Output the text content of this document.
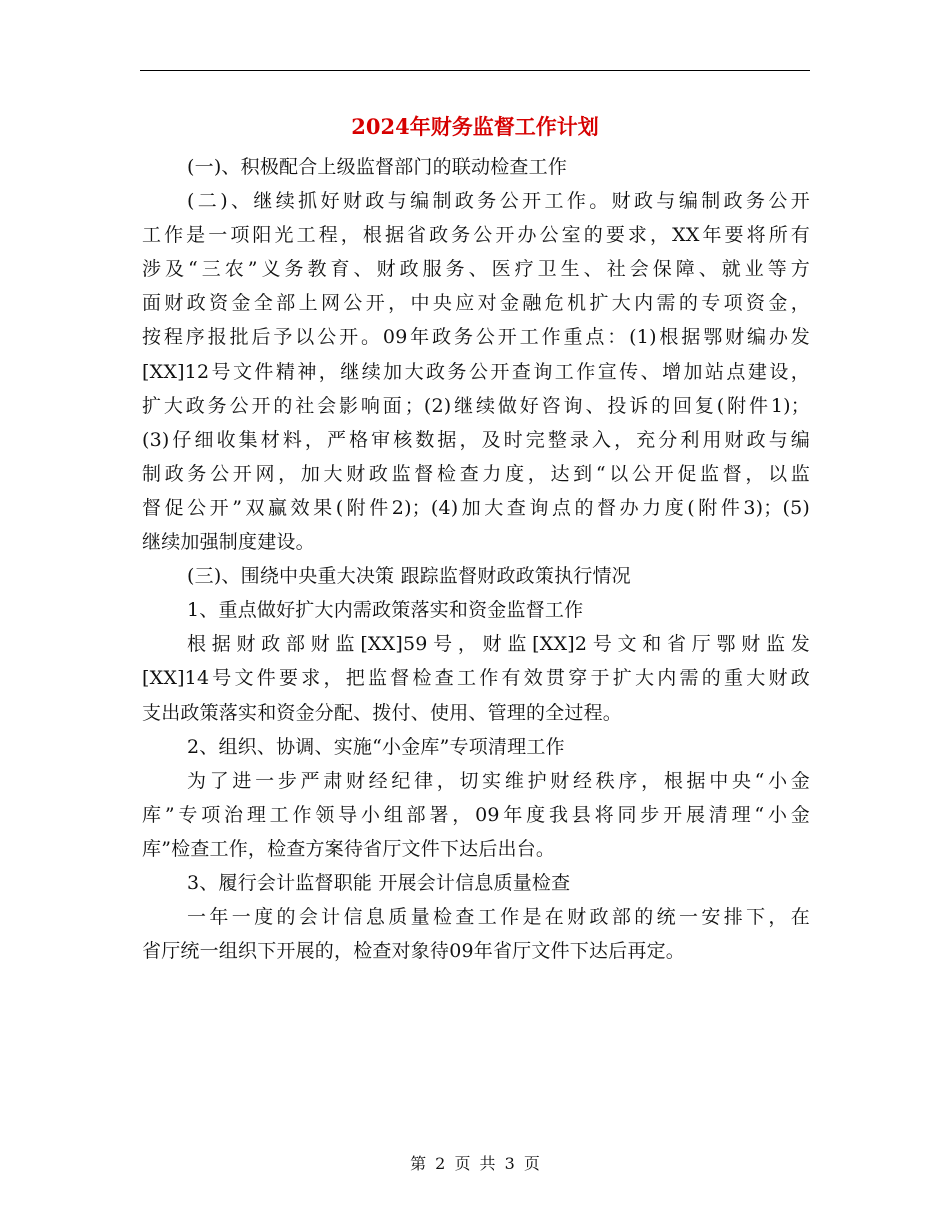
2024年财务监督工作计划
(一)、积极配合上级监督部门的联动检查工作
(二)、继续抓好财政与编制政务公开工作。财政与编制政务公开
工作是一项阳光工程，根据省政务公开办公室的要求，XX年要将所有
涉及“三农”义务教育、财政服务、医疗卫生、社会保障、就业等方
面财政资金全部上网公开，中央应对金融危机扩大内需的专项资金，
按程序报批后予以公开。09年政务公开工作重点：(1)根据鄂财编办发
[XX]12号文件精神，继续加大政务公开查询工作宣传、增加站点建设，
扩大政务公开的社会影响面；(2)继续做好咨询、投诉的回复(附件1)；
(3)仔细收集材料，严格审核数据，及时完整录入，充分利用财政与编
制政务公开网，加大财政监督检查力度，达到“以公开促监督，以监
督促公开”双赢效果(附件2)；(4)加大查询点的督办力度(附件3)；(5)
继续加强制度建设。
(三)、围绕中央重大决策 跟踪监督财政政策执行情况
1、重点做好扩大内需政策落实和资金监督工作
根据财政部财监[XX]59号，财监[XX]2号文和省厅鄂财监发
[XX]14号文件要求，把监督检查工作有效贯穿于扩大内需的重大财政
支出政策落实和资金分配、拨付、使用、管理的全过程。
2、组织、协调、实施“小金库”专项清理工作
为了进一步严肃财经纪律，切实维护财经秩序，根据中央“小金
库”专项治理工作领导小组部署，09年度我县将同步开展清理“小金
库”检查工作，检查方案待省厅文件下达后出台。
3、履行会计监督职能 开展会计信息质量检查
一年一度的会计信息质量检查工作是在财政部的统一安排下，在
省厅统一组织下开展的，检查对象待09年省厅文件下达后再定。
第 2 页 共 3 页
